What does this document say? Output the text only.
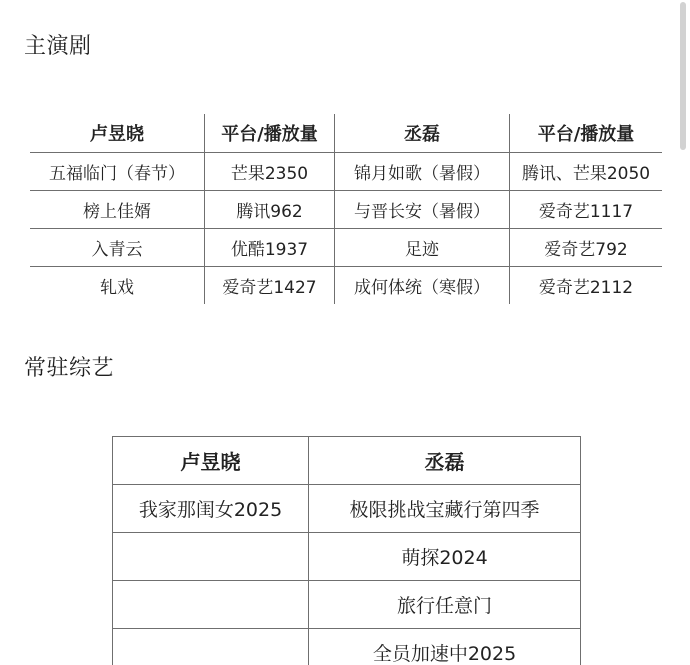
主演剧
卢昱晓	平台/播放量	丞磊	平台/播放量
五福临门（春节）	芒果2350	锦月如歌（暑假）	腾讯、芒果2050
榜上佳婿	腾讯962	与晋长安（暑假）	爱奇艺1117
入青云	优酷1937	足迹	爱奇艺792
轧戏	爱奇艺1427	成何体统（寒假）	爱奇艺2112
常驻综艺
卢昱晓	丞磊
我家那闺女2025	极限挑战宝藏行第四季
	萌探2024
	旅行任意门
	全员加速中2025
